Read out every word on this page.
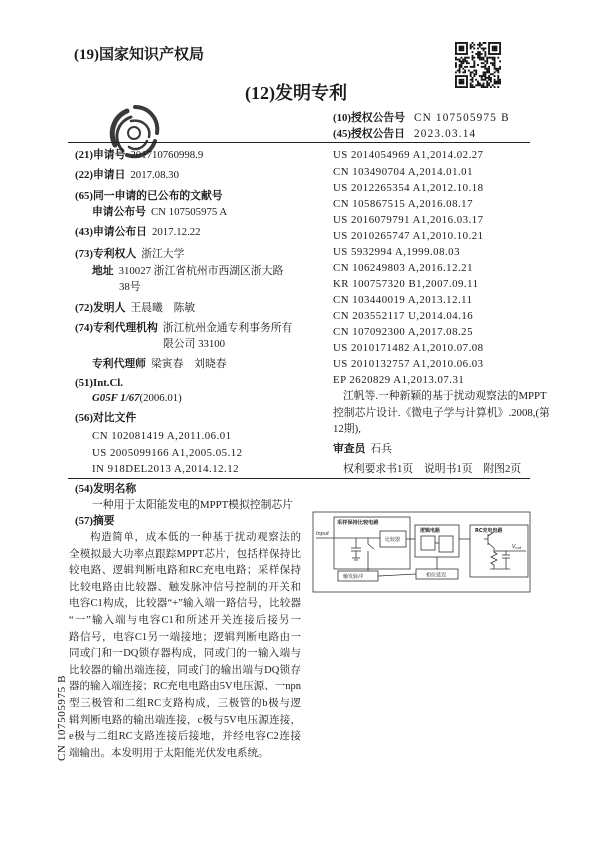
(19)国家知识产权局
(12)发明专利
(10)授权公告号 CN 107505975 B
(45)授权公告日 2023.03.14
(21)申请号 201710760998.9
(22)申请日 2017.08.30
(65)同一申请的已公布的文献号
申请公布号 CN 107505975 A
(43)申请公布日 2017.12.22
(73)专利权人 浙江大学
地址 310027 浙江省杭州市西湖区浙大路
38号
(72)发明人 王晨曦　陈敏
(74)专利代理机构 浙江杭州金通专利事务所有
限公司 33100
专利代理师 梁寅春　刘晓春
(51)Int.Cl.
G05F 1/67(2006.01)
(56)对比文件
CN 102081419 A,2011.06.01
US 2005099166 A1,2005.05.12
IN 918DEL2013 A,2014.12.12
US 2014054969 A1,2014.02.27
CN 103490704 A,2014.01.01
US 2012265354 A1,2012.10.18
CN 105867515 A,2016.08.17
US 2016079791 A1,2016.03.17
US 2010265747 A1,2010.10.21
US 5932994 A,1999.08.03
CN 106249803 A,2016.12.21
KR 100757320 B1,2007.09.11
CN 103440019 A,2013.12.11
CN 203552117 U,2014.04.16
CN 107092300 A,2017.08.25
US 2010171482 A1,2010.07.08
US 2010132757 A1,2010.06.03
EP 2620829 A1,2013.07.31
江帆等.一种新颖的基于扰动观察法的MPPT
控制芯片设计.《微电子学与计算机》.2008,(第
12期),
审查员 石兵
权利要求书1页　说明书1页　附图2页
(54)发明名称
一种用于太阳能发电的MPPT模拟控制芯片
(57)摘要
构造简单，成本低的一种基于扰动观察法的
全模拟最大功率点跟踪MPPT芯片，包括样保持比
较电路、逻辑判断电路和RC充电电路；采样保持
比较电路由比较器、触发脉冲信号控制的开关和
电容C1构成，比较器“+”输入端一路信号，比较器
“一”输入端与电容C1和所述开关连接后接另一
路信号，电容C1另一端接地；逻辑判断电路由一
同或门和一DQ锁存器构成，同或门的一输入端与
比较器的输出端连接，同或门的输出端与DQ锁存
器的输入端连接；RC充电电路由5V电压源、一npn
型三极管和二组RC支路构成，三极管的b极与逻
辑判断电路的输出端连接，c极与5V电压源连接，
e极与二组RC支路连接后接地，并经电容C2连接
端输出。本发明用于太阳能光伏发电系统。
采样保持比较电路
Input
比较器
逻辑电路	RC充电电路
$V_{out}$
触发脉冲	相位延迟
CN 107505975 B
